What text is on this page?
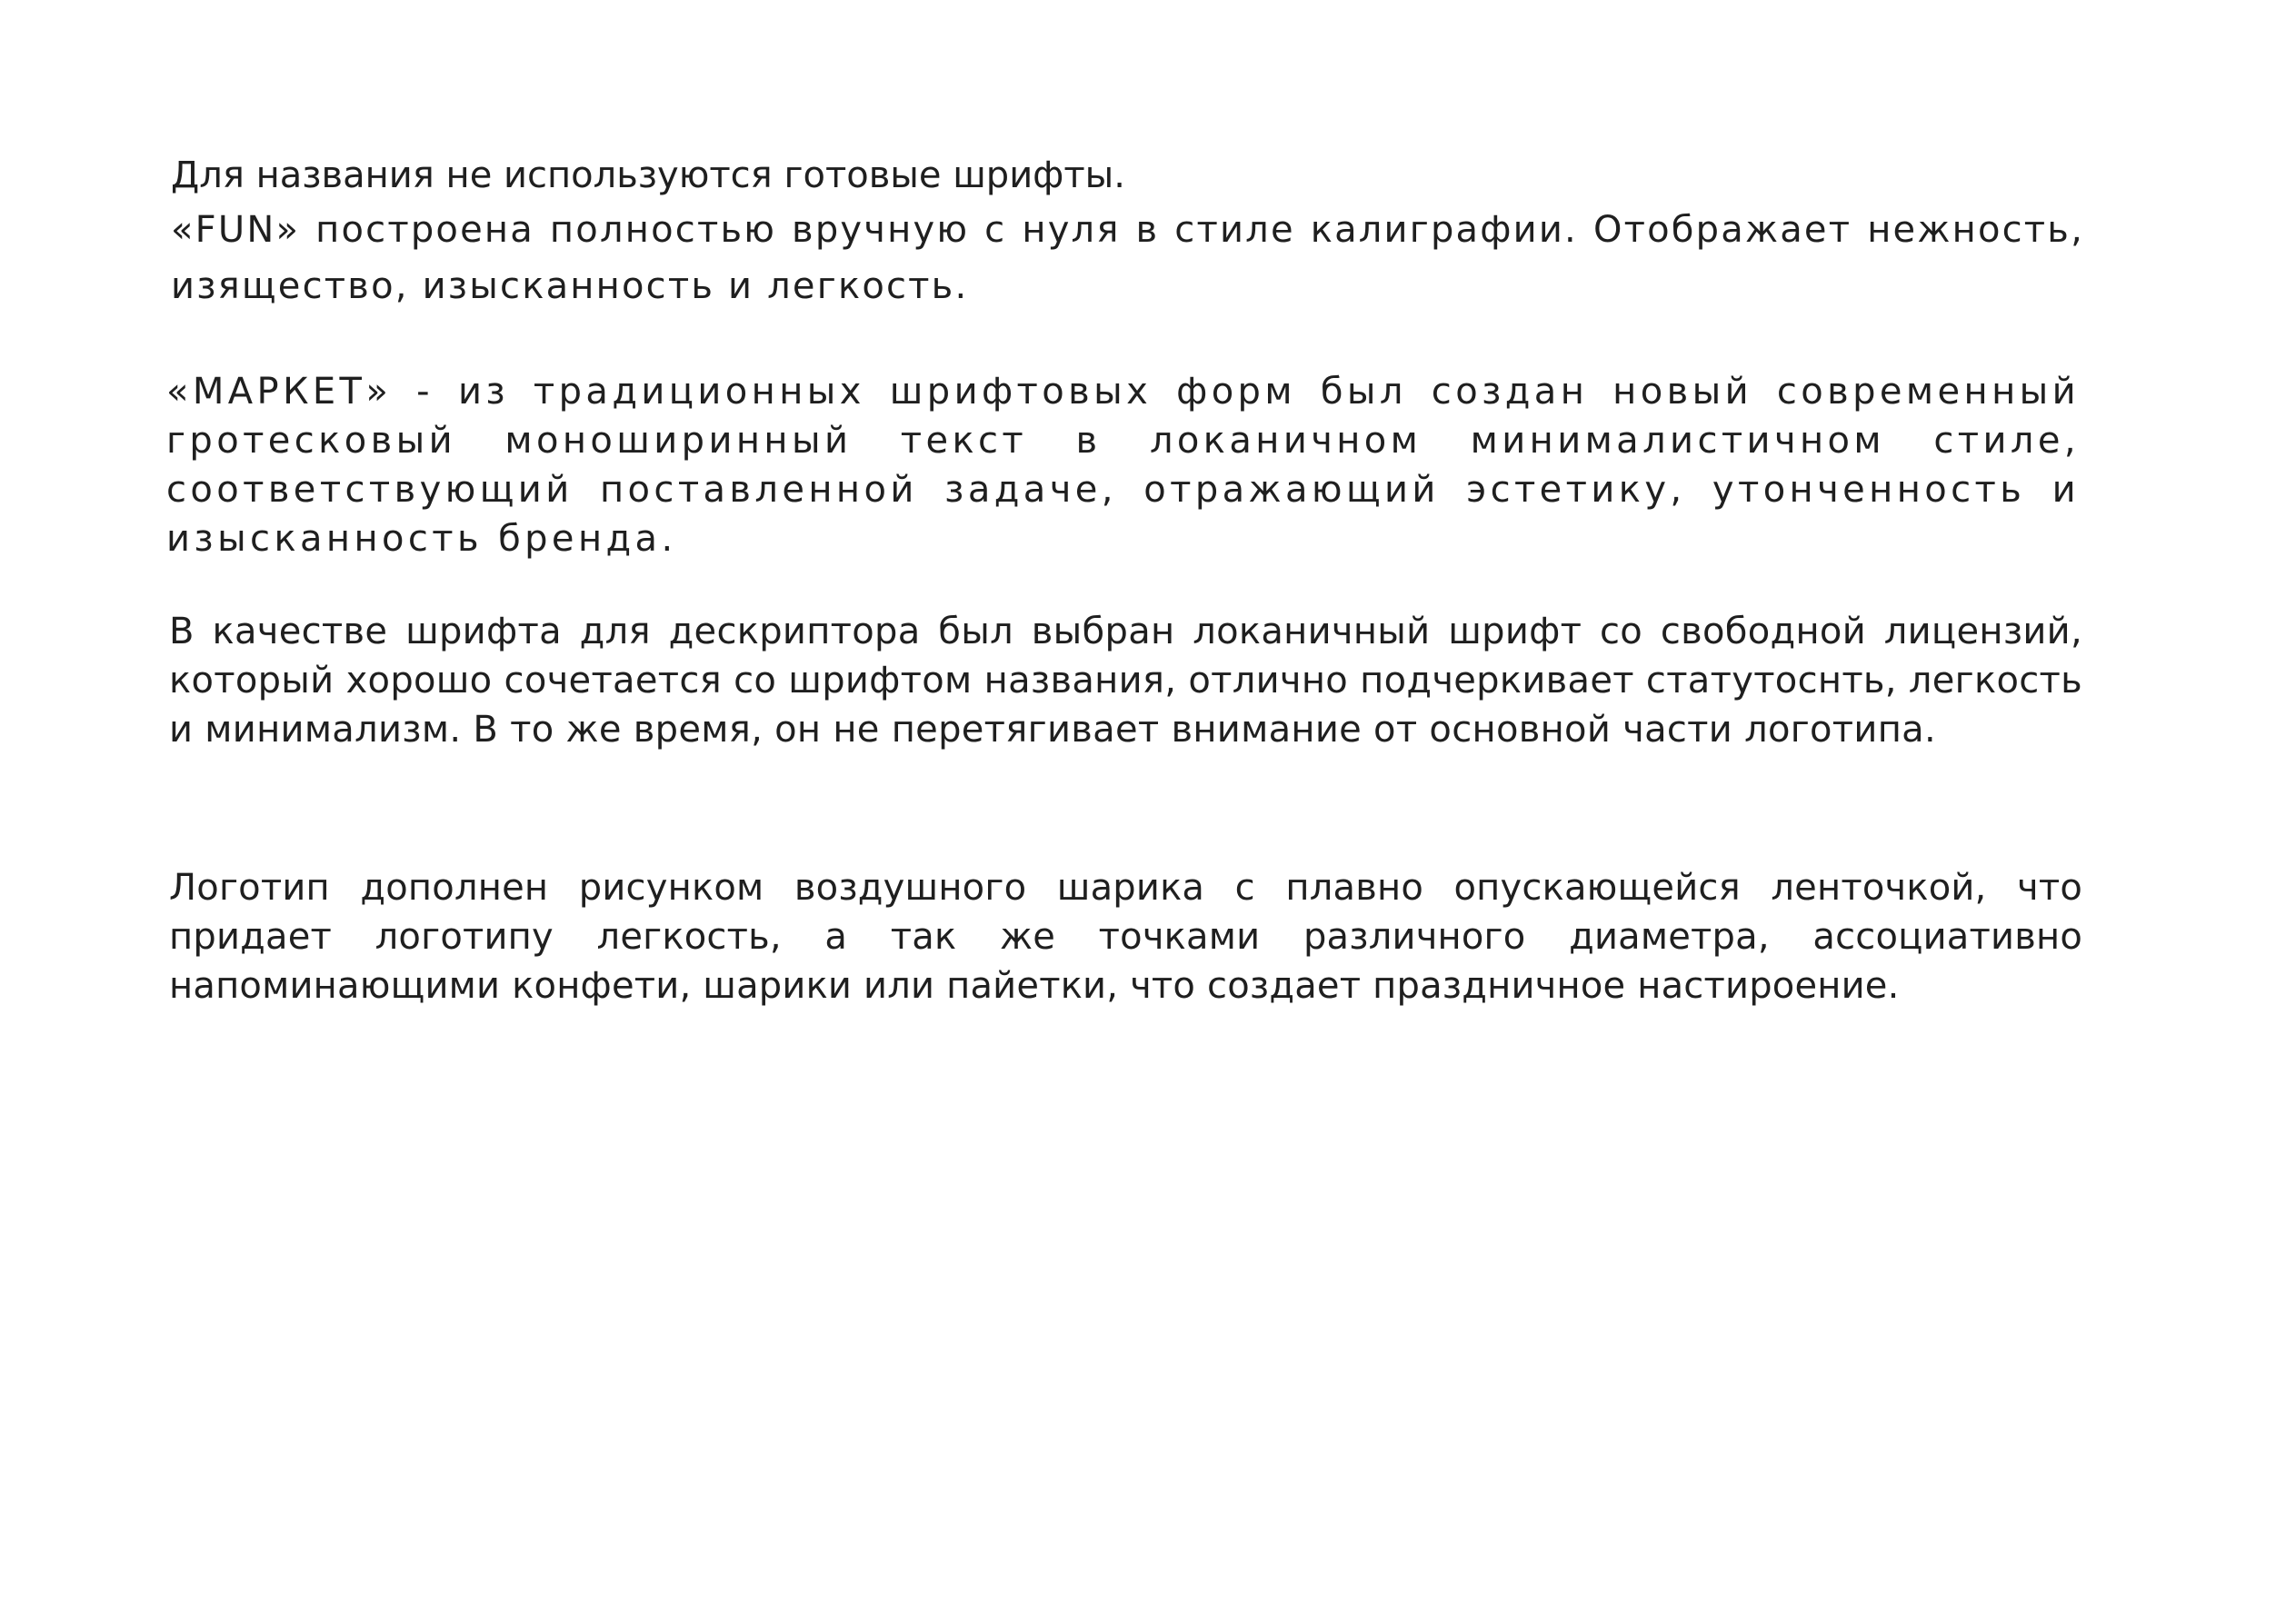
Для названия не используются готовые шрифты.

«FUN» построена полностью вручную с нуля в стиле калиграфии. Отображает нежность, изящество, изысканность и легкость.

«МАРКЕТ» - из традиционных шрифтовых форм был создан новый современный гротесковый моноширинный текст в локаничном минималистичном стиле, соответствующий поставленной задаче, отражающий эстетику, утонченность и изысканность бренда.

В качестве шрифта для дескриптора был выбран локаничный шрифт со свободной лицензий, который хорошо сочетается со шрифтом названия, отлично подчеркивает статутоснть, легкость и минимализм. В то же время, он не перетягивает внимание от основной части логотипа.

Логотип дополнен рисунком воздушного шарика с плавно опускающейся ленточкой, что придает логотипу легкость, а так же точками различного диаметра, ассоциативно напоминающими конфети, шарики или пайетки, что создает праздничное настироение.
